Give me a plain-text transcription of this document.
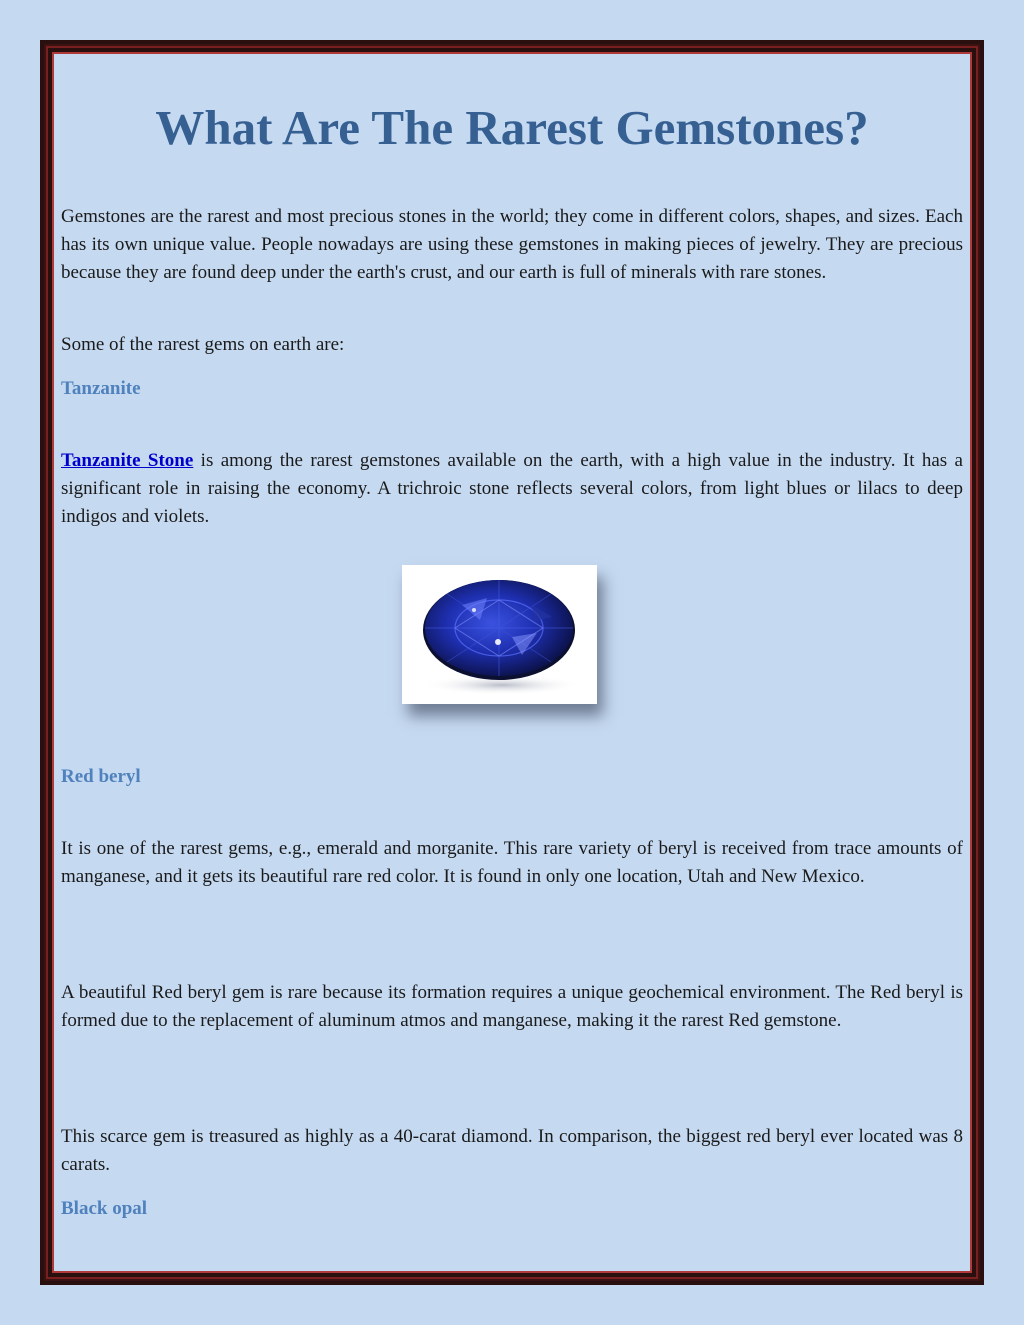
What Are The Rarest Gemstones?

Gemstones are the rarest and most precious stones in the world; they come in different colors, shapes, and sizes. Each has its own unique value. People nowadays are using these gemstones in making pieces of jewelry. They are precious because they are found deep under the earth's crust, and our earth is full of minerals with rare stones.

Some of the rarest gems on earth are:

Tanzanite

Tanzanite Stone is among the rarest gemstones available on the earth, with a high value in the industry. It has a significant role in raising the economy. A trichroic stone reflects several colors, from light blues or lilacs to deep indigos and violets.

Red beryl

It is one of the rarest gems, e.g., emerald and morganite. This rare variety of beryl is received from trace amounts of manganese, and it gets its beautiful rare red color. It is found in only one location, Utah and New Mexico.

A beautiful Red beryl gem is rare because its formation requires a unique geochemical environment. The Red beryl is formed due to the replacement of aluminum atmos and manganese, making it the rarest Red gemstone.

This scarce gem is treasured as highly as a 40-carat diamond. In comparison, the biggest red beryl ever located was 8 carats.

Black opal
